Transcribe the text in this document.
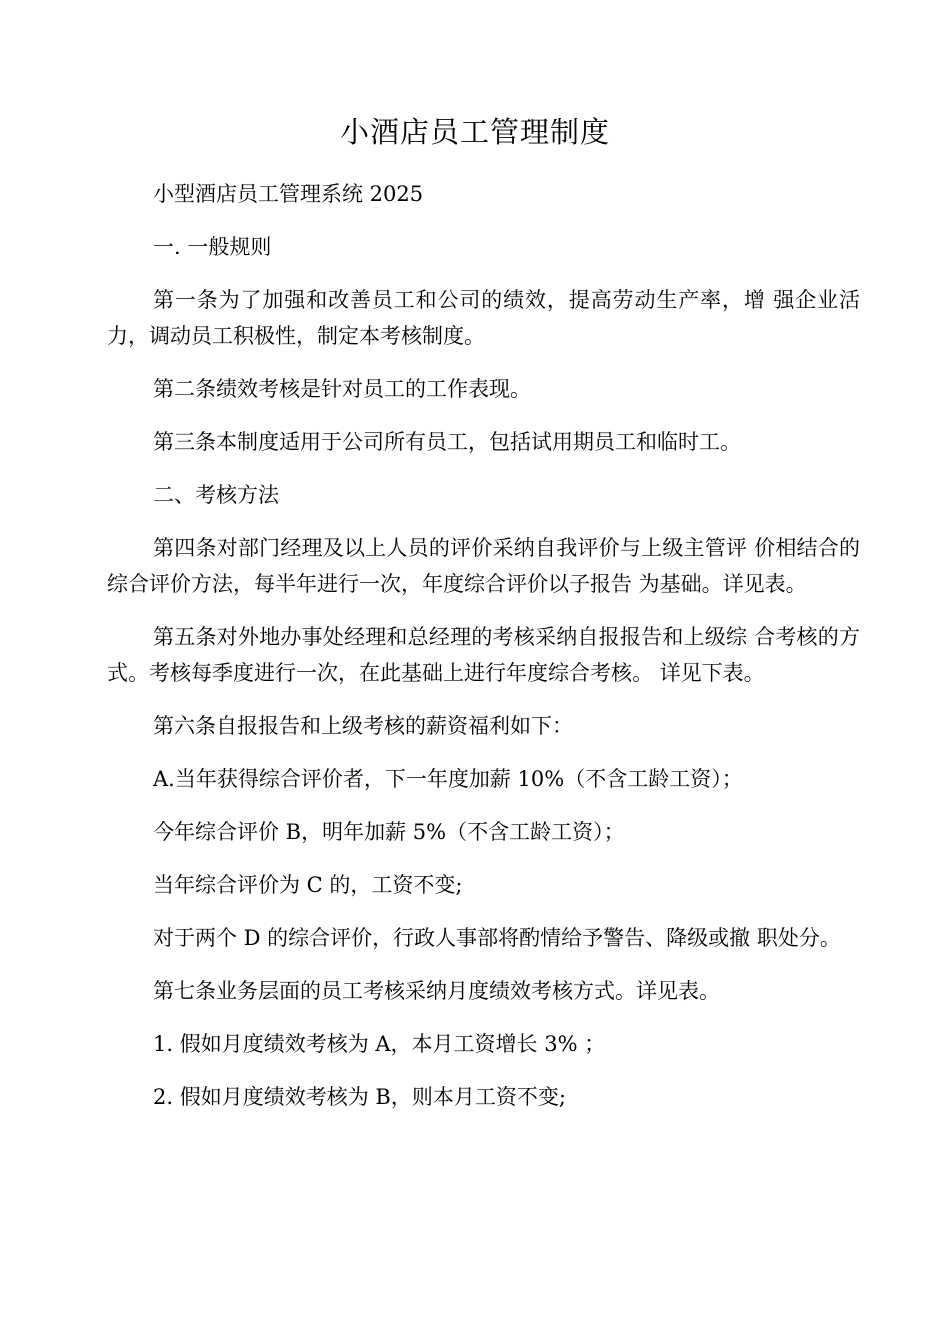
小酒店员工管理制度

小型酒店员工管理系统 2025

一. 一般规则

第一条为了加强和改善员工和公司的绩效，提高劳动生产率，增 强企业活力，调动员工积极性，制定本考核制度。

第二条绩效考核是针对员工的工作表现。

第三条本制度适用于公司所有员工，包括试用期员工和临时工。

二、考核方法

第四条对部门经理及以上人员的评价采纳自我评价与上级主管评 价相结合的综合评价方法，每半年进行一次，年度综合评价以子报告 为基础。详见表。

第五条对外地办事处经理和总经理的考核采纳自报报告和上级综 合考核的方式。考核每季度进行一次，在此基础上进行年度综合考核。 详见下表。

第六条自报报告和上级考核的薪资福利如下：

A.当年获得综合评价者，下一年度加薪 10%（不含工龄工资）；

今年综合评价 B，明年加薪 5%（不含工龄工资）；

当年综合评价为 C 的，工资不变;

对于两个 D 的综合评价，行政人事部将酌情给予警告、降级或撤 职处分。

第七条业务层面的员工考核采纳月度绩效考核方式。详见表。

1. 假如月度绩效考核为 A，本月工资增长 3% ；

2. 假如月度绩效考核为 B，则本月工资不变;
